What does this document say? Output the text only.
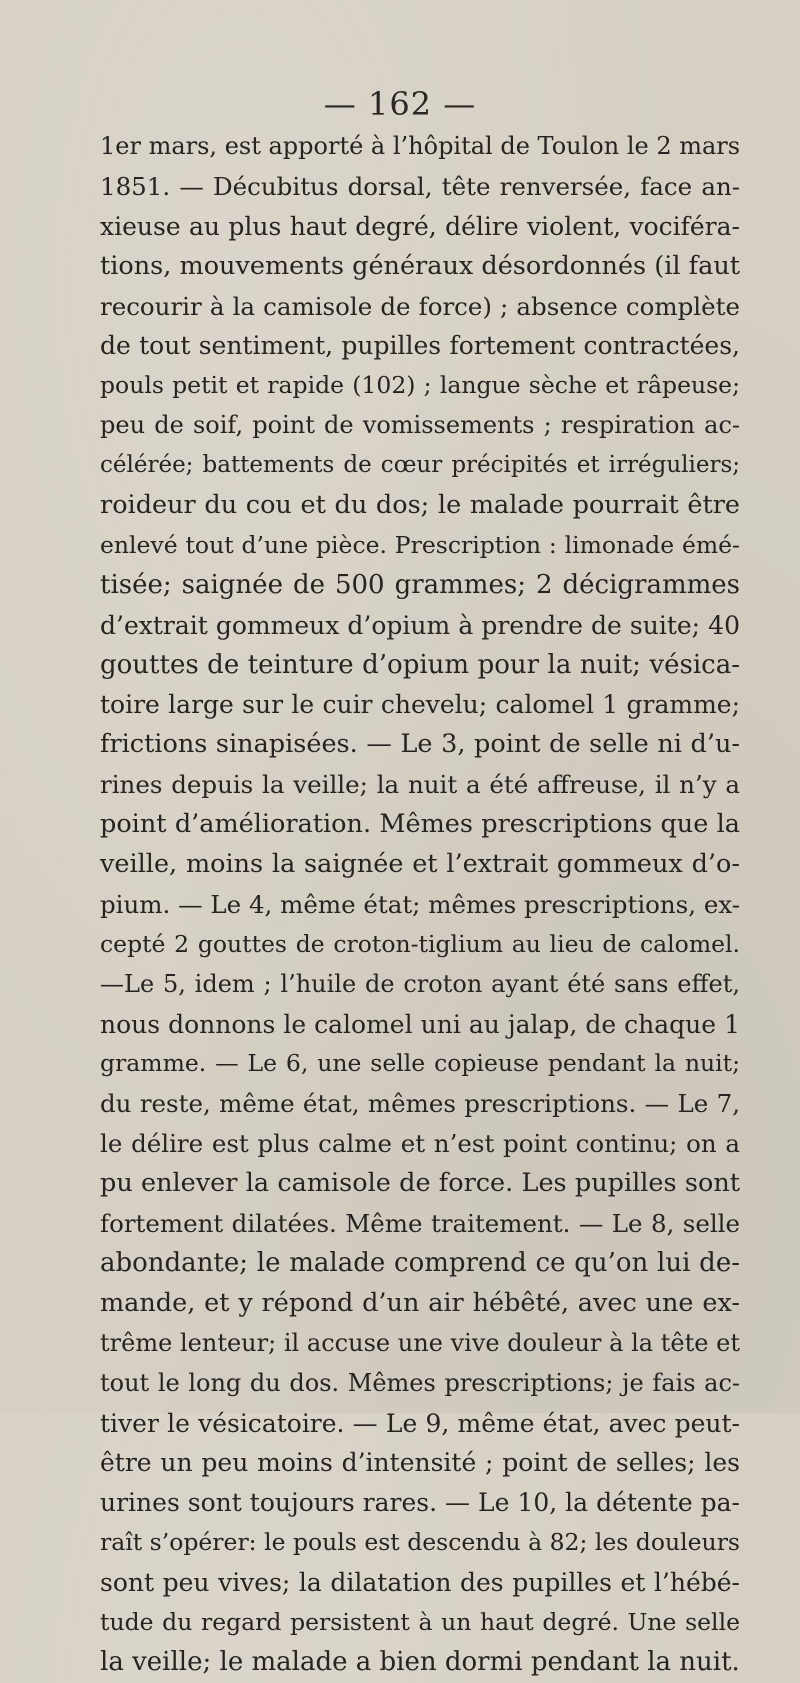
— 162 —
1er mars, est apporté à l’hôpital de Toulon le 2 mars
1851. — Décubitus dorsal, tête renversée, face an-
xieuse au plus haut degré, délire violent, vociféra-
tions, mouvements généraux désordonnés (il faut
recourir à la camisole de force) ; absence complète
de tout sentiment, pupilles fortement contractées,
pouls petit et rapide (102) ; langue sèche et râpeuse;
peu de soif, point de vomissements ; respiration ac-
célérée; battements de cœur précipités et irréguliers;
roideur du cou et du dos; le malade pourrait être
enlevé tout d’une pièce. Prescription : limonade émé-
tisée; saignée de 500 grammes; 2 décigrammes
d’extrait gommeux d’opium à prendre de suite; 40
gouttes de teinture d’opium pour la nuit; vésica-
toire large sur le cuir chevelu; calomel 1 gramme;
frictions sinapisées. — Le 3, point de selle ni d’u-
rines depuis la veille; la nuit a été affreuse, il n’y a
point d’amélioration. Mêmes prescriptions que la
veille, moins la saignée et l’extrait gommeux d’o-
pium. — Le 4, même état; mêmes prescriptions, ex-
cepté 2 gouttes de croton-tiglium au lieu de calomel.
—Le 5, idem ; l’huile de croton ayant été sans effet,
nous donnons le calomel uni au jalap, de chaque 1
gramme. — Le 6, une selle copieuse pendant la nuit;
du reste, même état, mêmes prescriptions. — Le 7,
le délire est plus calme et n’est point continu; on a
pu enlever la camisole de force. Les pupilles sont
fortement dilatées. Même traitement. — Le 8, selle
abondante; le malade comprend ce qu’on lui de-
mande, et y répond d’un air hébêté, avec une ex-
trême lenteur; il accuse une vive douleur à la tête et
tout le long du dos. Mêmes prescriptions; je fais ac-
tiver le vésicatoire. — Le 9, même état, avec peut-
être un peu moins d’intensité ; point de selles; les
urines sont toujours rares. — Le 10, la détente pa-
raît s’opérer: le pouls est descendu à 82; les douleurs
sont peu vives; la dilatation des pupilles et l’hébé-
tude du regard persistent à un haut degré. Une selle
la veille; le malade a bien dormi pendant la nuit.
